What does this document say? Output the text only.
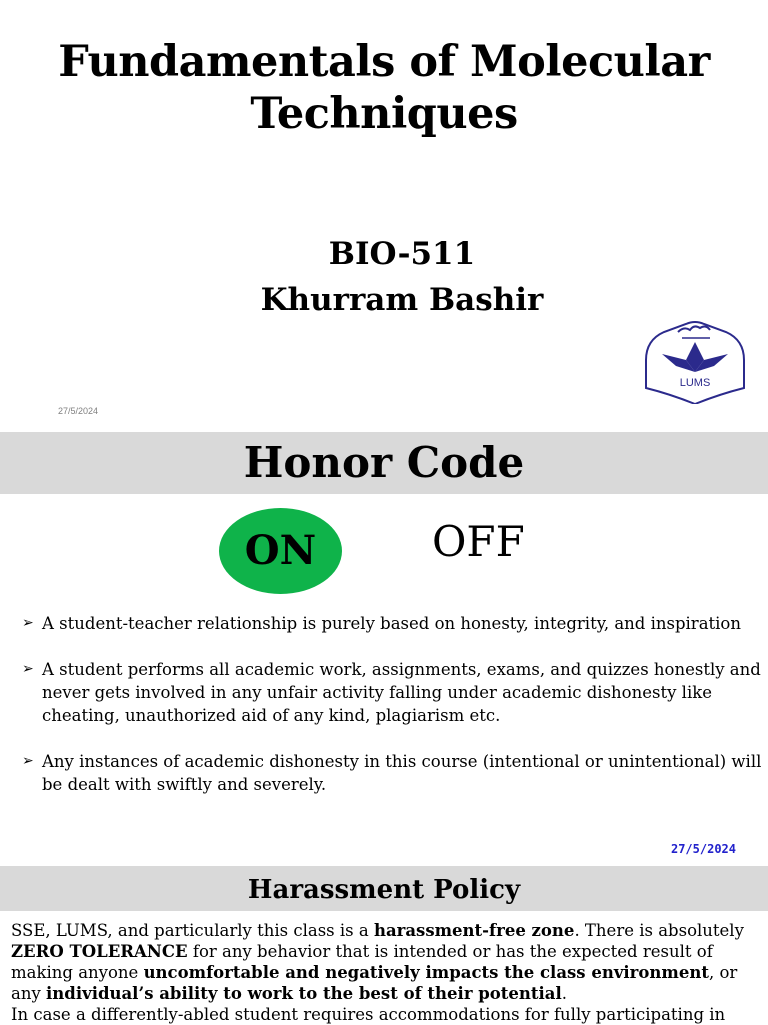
Fundamentals of Molecular Techniques
BIO-511
Khurram Bashir
27/5/2024
LUMS
Honor Code
ON	OFF
➢ A student-teacher relationship is purely based on honesty, integrity, and inspiration
➢ A student performs all academic work, assignments, exams, and quizzes honestly and never gets involved in any unfair activity falling under academic dishonesty like cheating, unauthorized aid of any kind, plagiarism etc.
➢ Any instances of academic dishonesty in this course (intentional or unintentional) will be dealt with swiftly and severely.
27/5/2024
Harassment Policy
SSE, LUMS, and particularly this class is a harassment-free zone. There is absolutely ZERO TOLERANCE for any behavior that is intended or has the expected result of making anyone uncomfortable and negatively impacts the class environment, or any individual’s ability to work to the best of their potential.
In case a differently-abled student requires accommodations for fully participating in
